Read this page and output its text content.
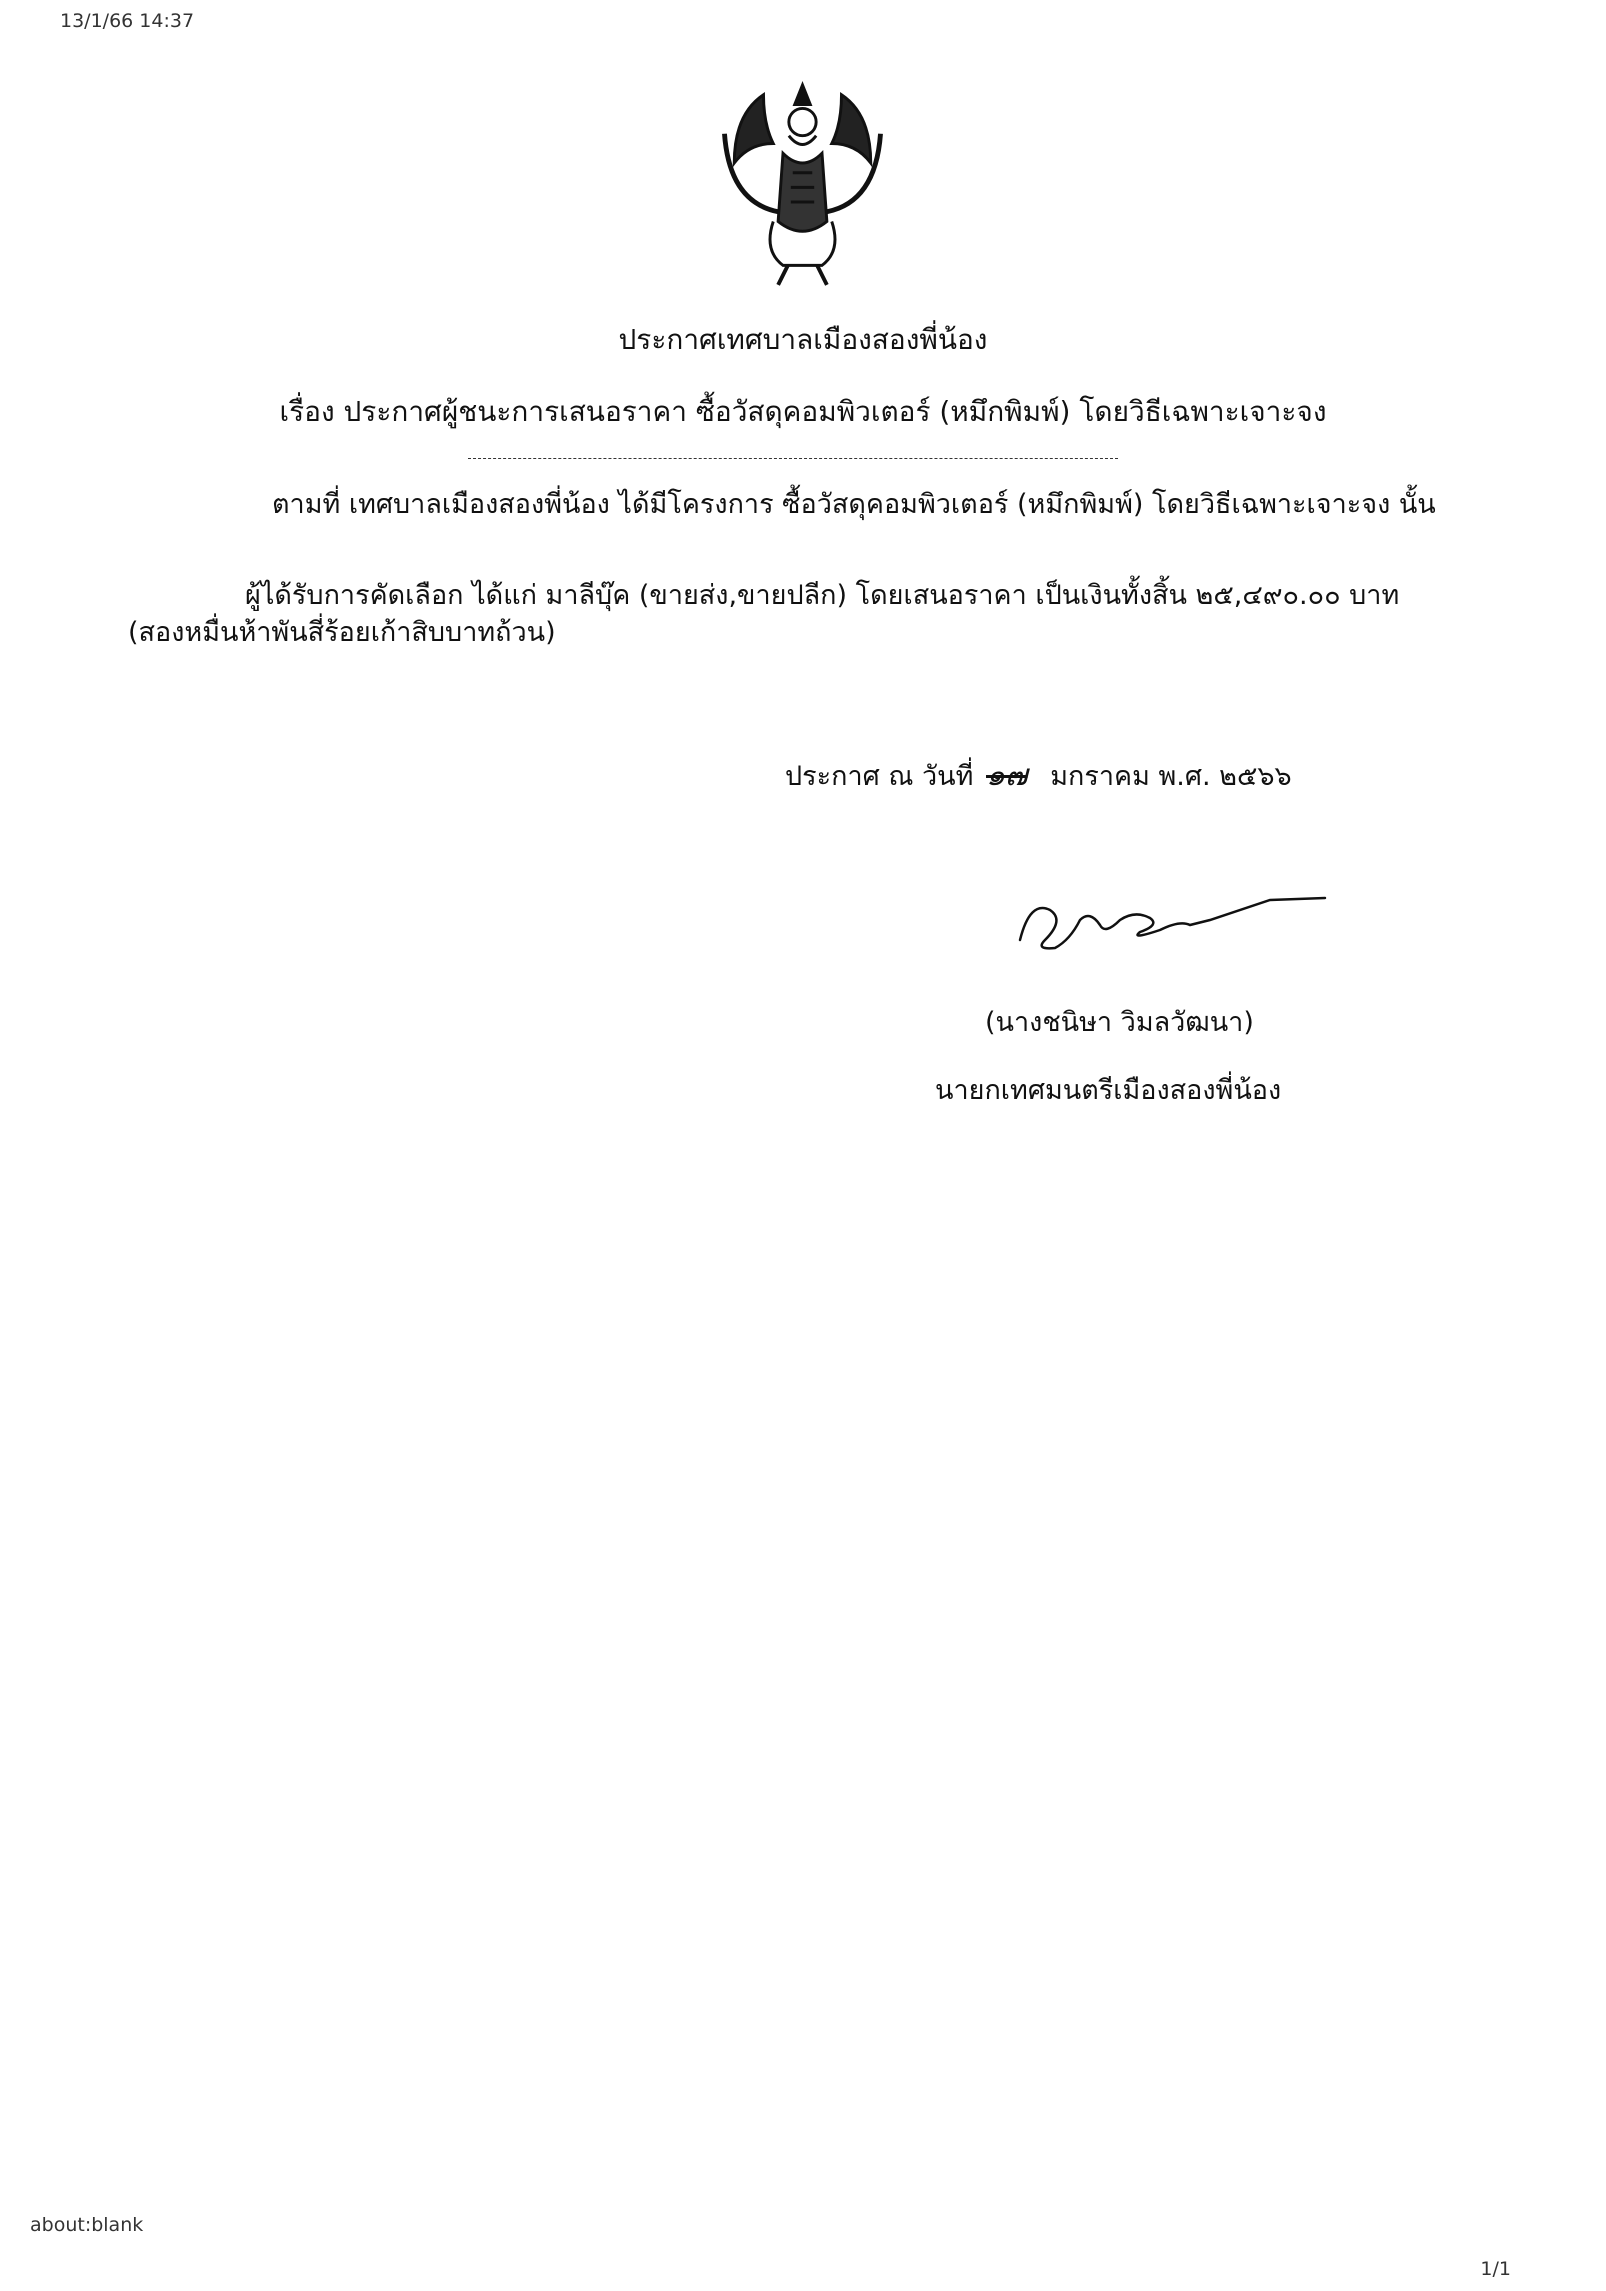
13/1/66 14:37
ประกาศเทศบาลเมืองสองพี่น้อง
เรื่อง ประกาศผู้ชนะการเสนอราคา ซื้อวัสดุคอมพิวเตอร์ (หมึกพิมพ์) โดยวิธีเฉพาะเจาะจง
ตามที่ เทศบาลเมืองสองพี่น้อง ได้มีโครงการ ซื้อวัสดุคอมพิวเตอร์ (หมึกพิมพ์) โดยวิธีเฉพาะเจาะจง นั้น
ผู้ได้รับการคัดเลือก ได้แก่ มาลีบุ๊ค (ขายส่ง,ขายปลีก) โดยเสนอราคา เป็นเงินทั้งสิ้น ๒๕,๔๙๐.๐๐ บาท
(สองหมื่นห้าพันสี่ร้อยเก้าสิบบาทถ้วน)
ประกาศ ณ วันที่ ๑๗ มกราคม พ.ศ. ๒๕๖๖
(นางชนิษา วิมลวัฒนา)
นายกเทศมนตรีเมืองสองพี่น้อง
about:blank
1/1
